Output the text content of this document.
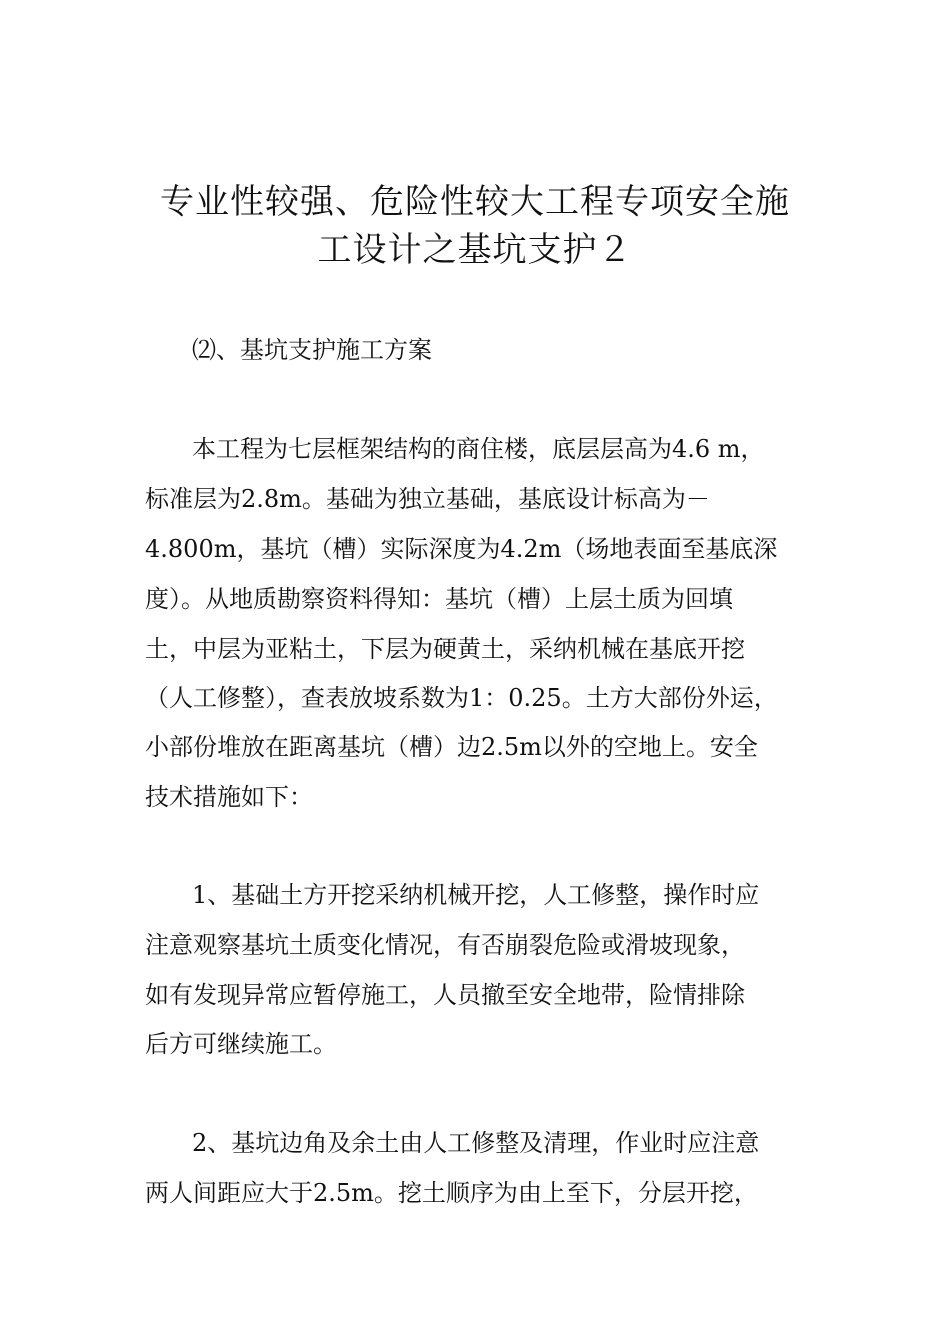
专业性较强、危险性较大工程专项安全施
工设计之基坑支护２
⑵、基坑支护施工方案
本工程为七层框架结构的商住楼，底层层高为4.6 m，
标准层为2.8m。基础为独立基础，基底设计标高为－
4.800m，基坑（槽）实际深度为4.2m（场地表面至基底深
度）。从地质勘察资料得知：基坑（槽）上层土质为回填
土，中层为亚粘土，下层为硬黄土，采纳机械在基底开挖
（人工修整），查表放坡系数为1：0.25。土方大部份外运，
小部份堆放在距离基坑（槽）边2.5m以外的空地上。安全
技术措施如下：
1、基础土方开挖采纳机械开挖，人工修整，操作时应
注意观察基坑土质变化情况，有否崩裂危险或滑坡现象，
如有发现异常应暂停施工，人员撤至安全地带，险情排除
后方可继续施工。
2、基坑边角及余土由人工修整及清理，作业时应注意
两人间距应大于2.5m。挖土顺序为由上至下，分层开挖，
